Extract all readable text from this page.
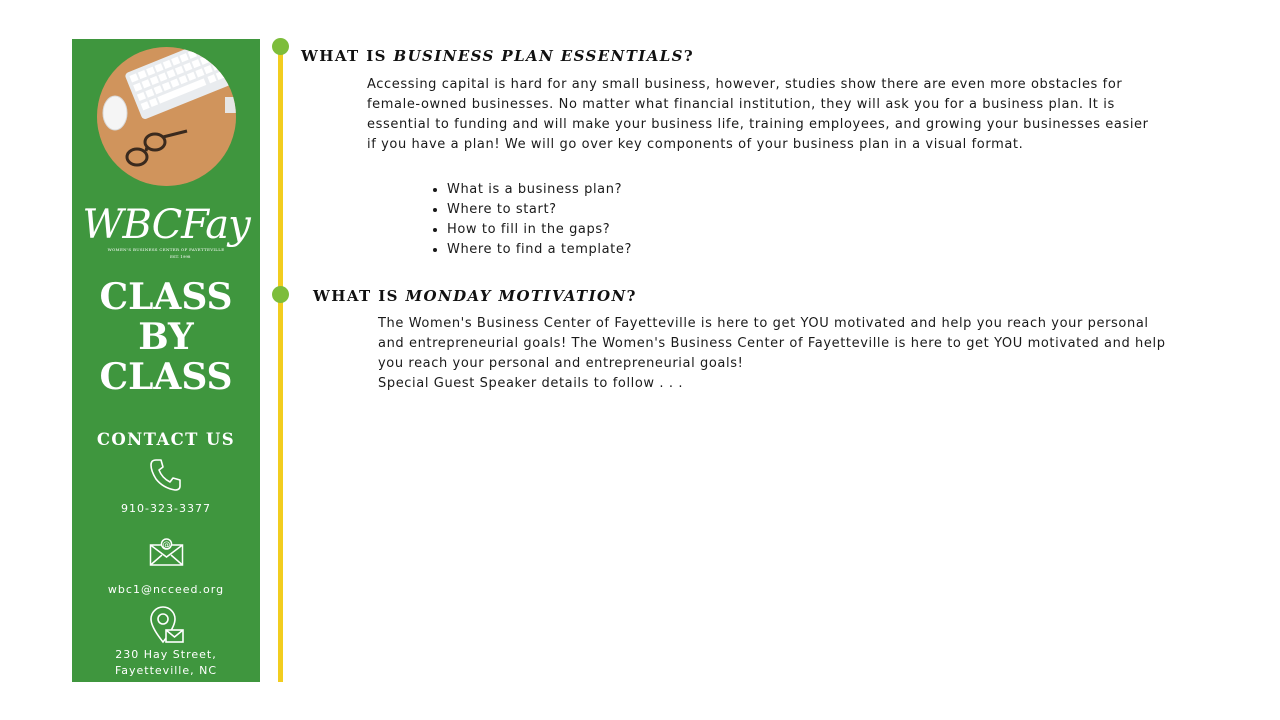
WBCFay
WOMEN'S BUSINESS CENTER OF FAYETTEVILLE
EST. 1998
CLASS
BY
CLASS
CONTACT US
910-323-3377
@
wbc1@ncceed.org
230 Hay Street,
Fayetteville, NC
WHAT IS BUSINESS PLAN ESSENTIALS?

Accessing capital is hard for any small business, however, studies show there are even more obstacles for female-owned businesses. No matter what financial institution, they will ask you for a business plan. It is essential to funding and will make your business life, training employees, and growing your businesses easier if you have a plan! We will go over key components of your business plan in a visual format.

• What is a business plan?
• Where to start?
• How to fill in the gaps?
• Where to find a template?
WHAT IS MONDAY MOTIVATION?

The Women's Business Center of Fayetteville is here to get YOU motivated and help you reach your personal and entrepreneurial goals! The Women's Business Center of Fayetteville is here to get YOU motivated and help you reach your personal and entrepreneurial goals!

Special Guest Speaker details to follow . . .
